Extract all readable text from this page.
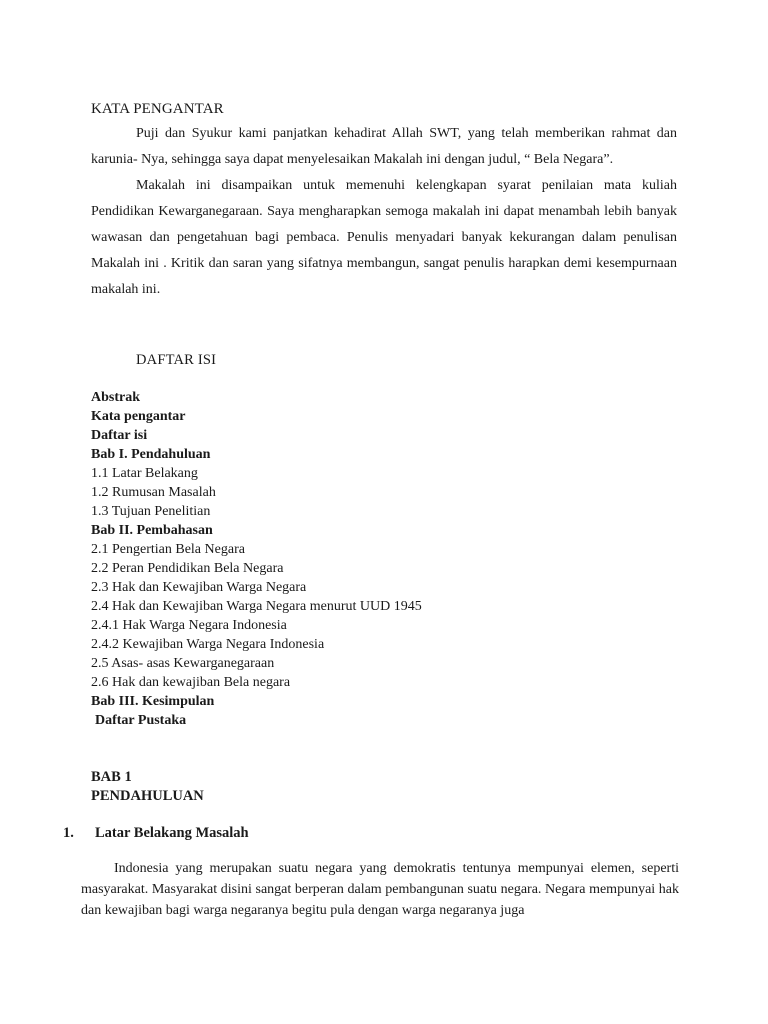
KATA PENGANTAR

Puji dan Syukur kami panjatkan kehadirat Allah SWT, yang telah memberikan rahmat dan karunia- Nya, sehingga saya dapat menyelesaikan Makalah ini dengan judul, “ Bela Negara”.

Makalah ini disampaikan untuk memenuhi kelengkapan syarat penilaian mata kuliah Pendidikan Kewarganegaraan. Saya mengharapkan semoga makalah ini dapat menambah lebih banyak wawasan dan pengetahuan bagi pembaca. Penulis menyadari banyak kekurangan dalam penulisan Makalah ini . Kritik dan saran yang sifatnya membangun, sangat penulis harapkan demi kesempurnaan makalah ini.

DAFTAR ISI
Abstrak
Kata pengantar
Daftar isi
Bab I. Pendahuluan
1.1 Latar Belakang
1.2 Rumusan Masalah
1.3 Tujuan Penelitian
Bab II. Pembahasan
2.1 Pengertian Bela Negara
2.2 Peran Pendidikan Bela Negara
2.3 Hak dan Kewajiban Warga Negara
2.4 Hak dan Kewajiban Warga Negara menurut UUD 1945
2.4.1 Hak Warga Negara Indonesia
2.4.2 Kewajiban Warga Negara Indonesia
2.5 Asas- asas Kewarganegaraan
2.6 Hak dan kewajiban Bela negara
Bab III. Kesimpulan
Daftar Pustaka
BAB 1
PENDAHULUAN
1. Latar Belakang Masalah

Indonesia yang merupakan suatu negara yang demokratis tentunya mempunyai elemen, seperti masyarakat. Masyarakat disini sangat berperan dalam pembangunan suatu negara. Negara mempunyai hak dan kewajiban bagi warga negaranya begitu pula dengan warga negaranya juga
